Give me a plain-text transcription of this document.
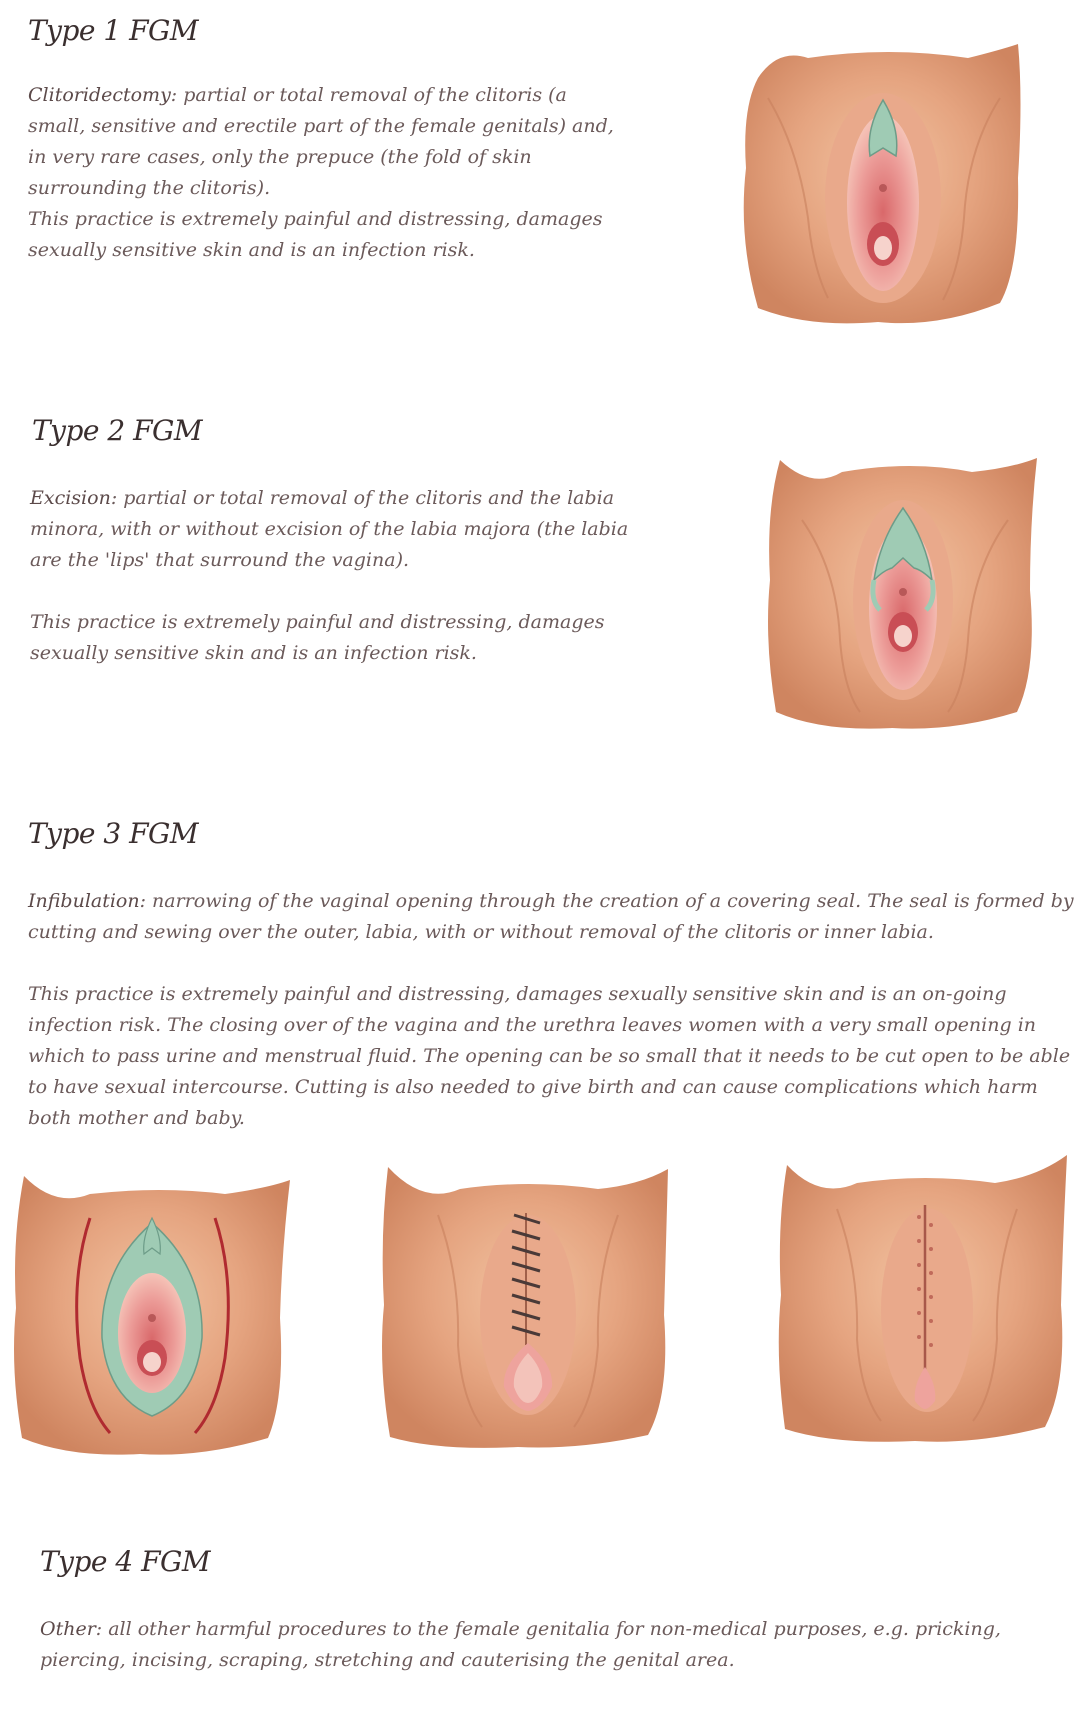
Type 1 FGM

Clitoridectomy: partial or total removal of the clitoris (a small, sensitive and erectile part of the female genitals) and, in very rare cases, only the prepuce (the fold of skin surrounding the clitoris).

This practice is extremely painful and distressing, damages sexually sensitive skin and is an infection risk.

Type 2 FGM

Excision: partial or total removal of the clitoris and the labia minora, with or without excision of the labia majora (the labia are the 'lips' that surround the vagina).

This practice is extremely painful and distressing, damages sexually sensitive skin and is an infection risk.

Type 3 FGM

Infibulation: narrowing of the vaginal opening through the creation of a covering seal. The seal is formed by cutting and sewing over the outer, labia, with or without removal of the clitoris or inner labia.

This practice is extremely painful and distressing, damages sexually sensitive skin and is an on-going infection risk. The closing over of the vagina and the urethra leaves women with a very small opening in which to pass urine and menstrual fluid. The opening can be so small that it needs to be cut open to be able to have sexual intercourse. Cutting is also needed to give birth and can cause complications which harm both mother and baby.

Type 4 FGM

Other: all other harmful procedures to the female genitalia for non-medical purposes, e.g. pricking, piercing, incising, scraping, stretching and cauterising the genital area.
